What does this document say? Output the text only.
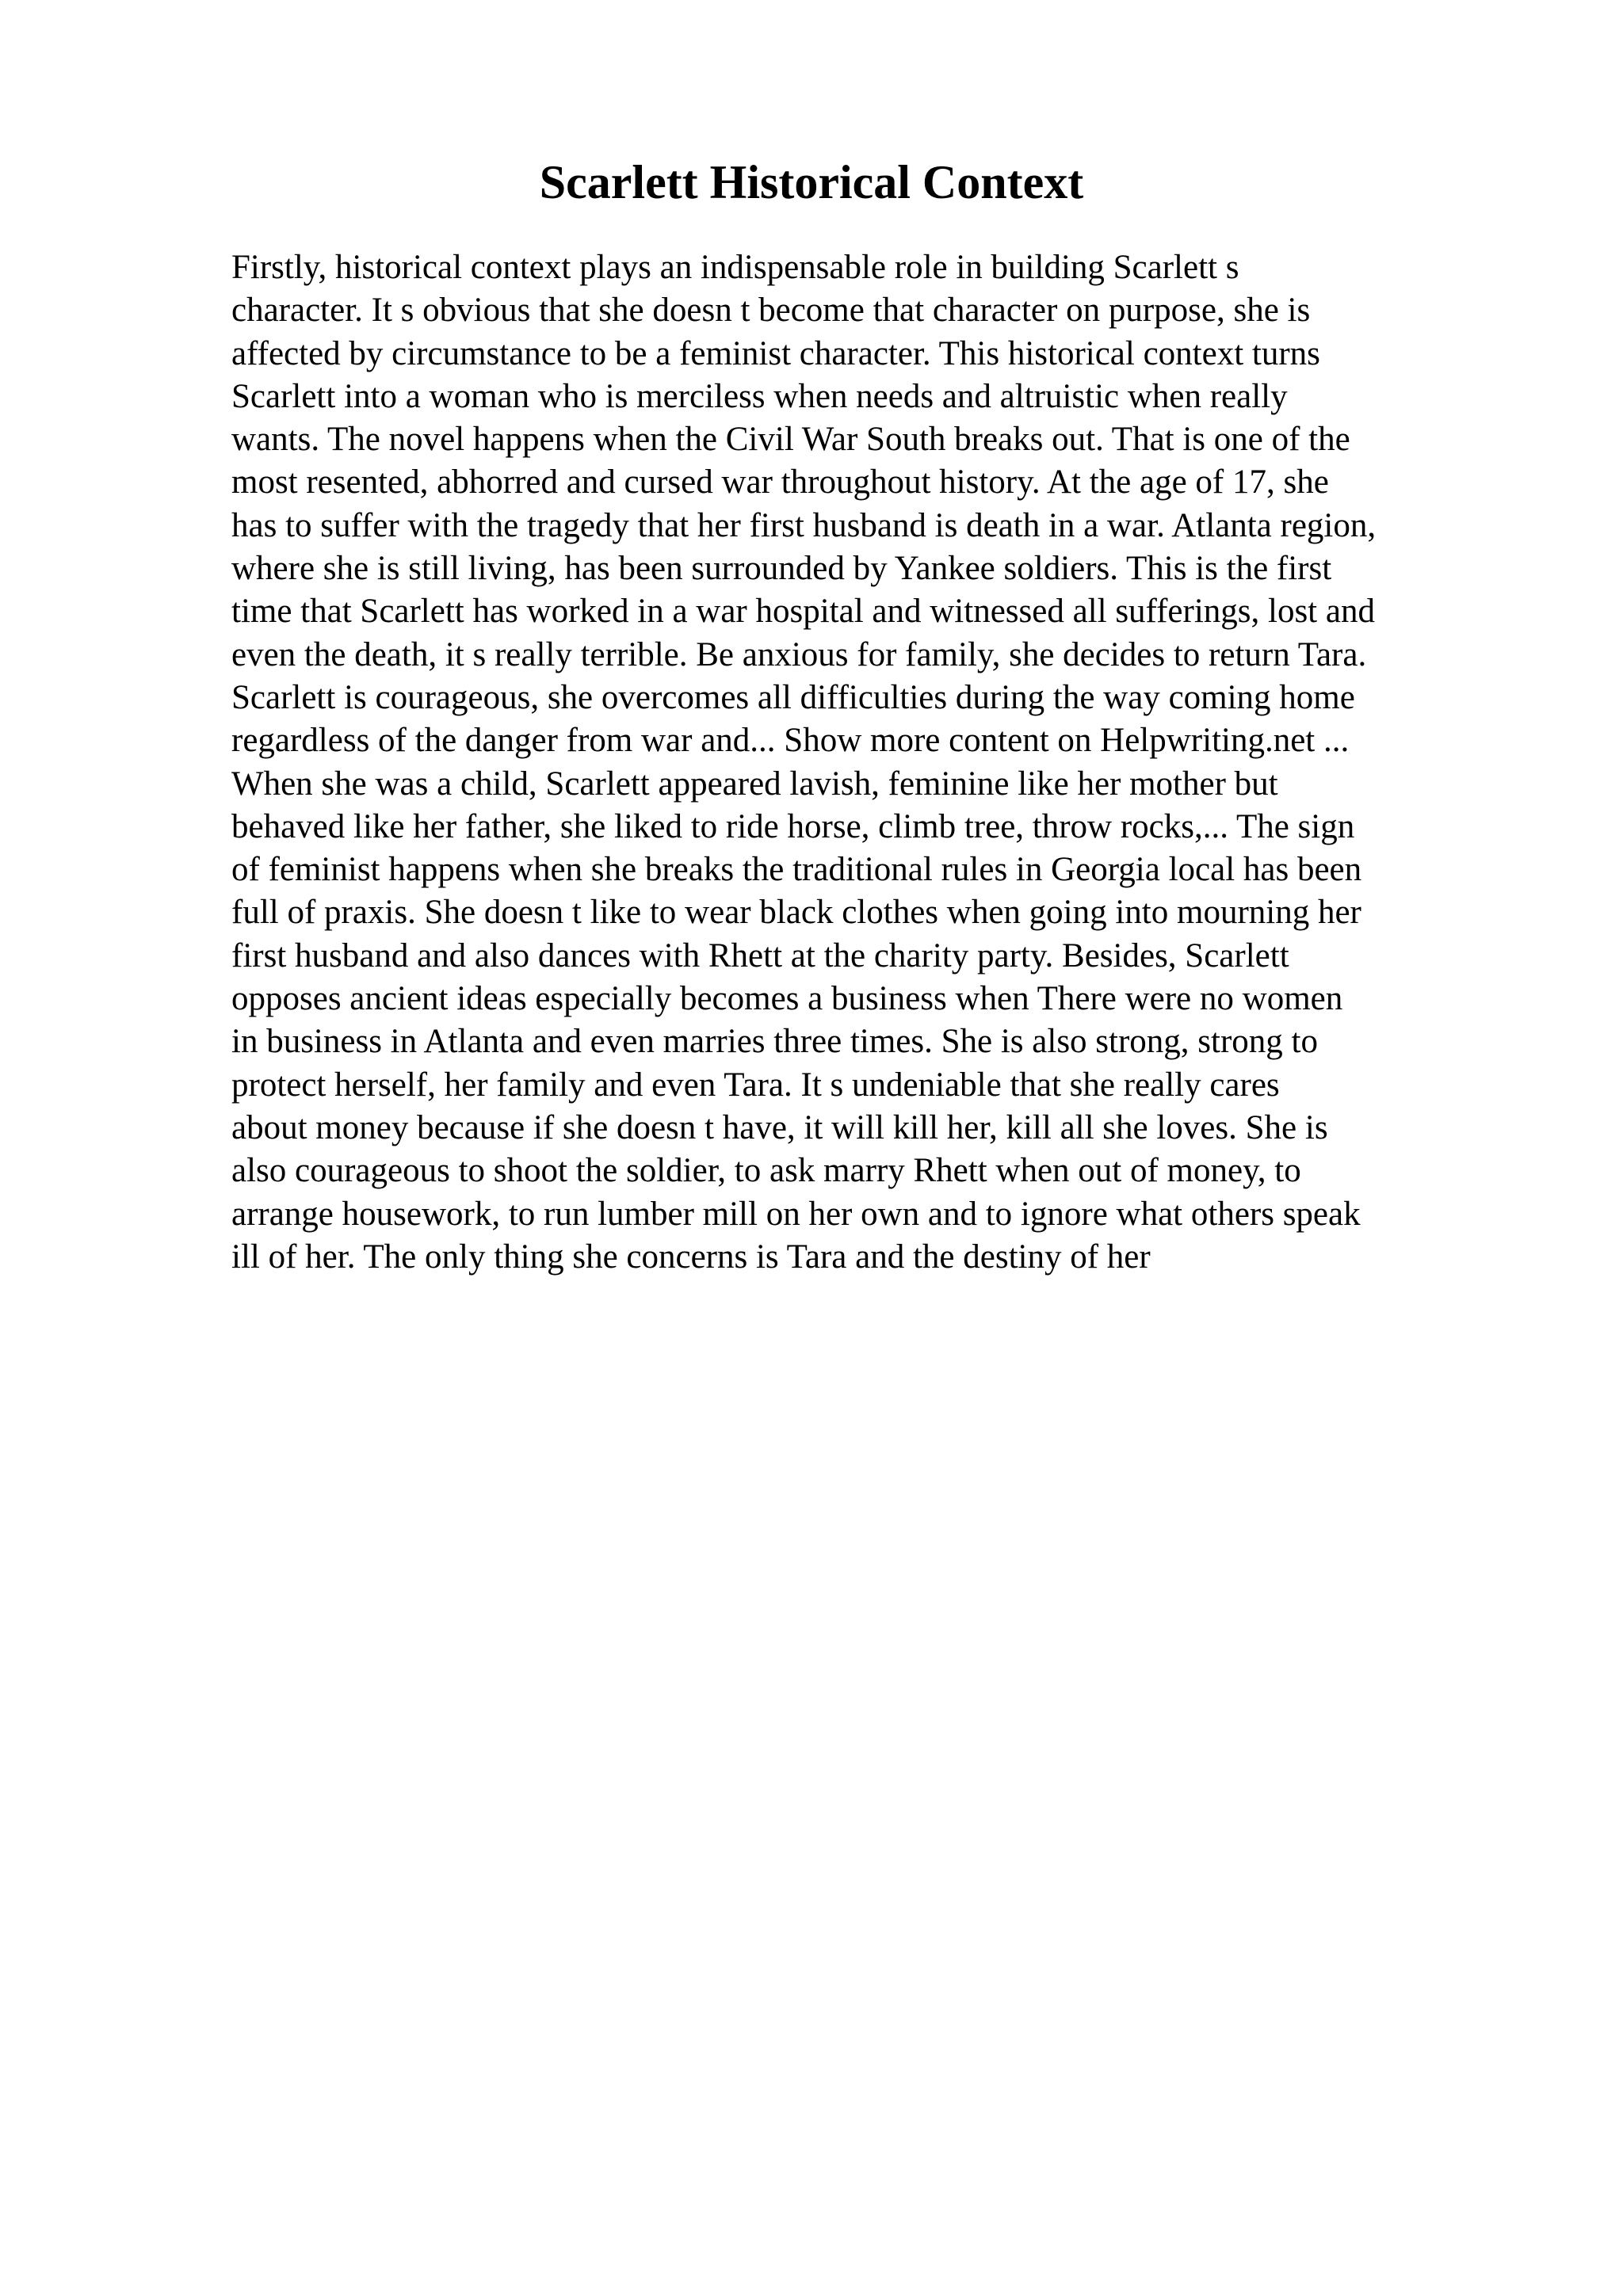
Scarlett Historical Context
Firstly, historical context plays an indispensable role in building Scarlett s
character. It s obvious that she doesn t become that character on purpose, she is
affected by circumstance to be a feminist character. This historical context turns
Scarlett into a woman who is merciless when needs and altruistic when really
wants. The novel happens when the Civil War South breaks out. That is one of the
most resented, abhorred and cursed war throughout history. At the age of 17, she
has to suffer with the tragedy that her first husband is death in a war. Atlanta region,
where she is still living, has been surrounded by Yankee soldiers. This is the first
time that Scarlett has worked in a war hospital and witnessed all sufferings, lost and
even the death, it s really terrible. Be anxious for family, she decides to return Tara.
Scarlett is courageous, she overcomes all difficulties during the way coming home
regardless of the danger from war and... Show more content on Helpwriting.net ...
When she was a child, Scarlett appeared lavish, feminine like her mother but
behaved like her father, she liked to ride horse, climb tree, throw rocks,... The sign
of feminist happens when she breaks the traditional rules in Georgia local has been
full of praxis. She doesn t like to wear black clothes when going into mourning her
first husband and also dances with Rhett at the charity party. Besides, Scarlett
opposes ancient ideas especially becomes a business when There were no women
in business in Atlanta and even marries three times. She is also strong, strong to
protect herself, her family and even Tara. It s undeniable that she really cares
about money because if she doesn t have, it will kill her, kill all she loves. She is
also courageous to shoot the soldier, to ask marry Rhett when out of money, to
arrange housework, to run lumber mill on her own and to ignore what others speak
ill of her. The only thing she concerns is Tara and the destiny of her
